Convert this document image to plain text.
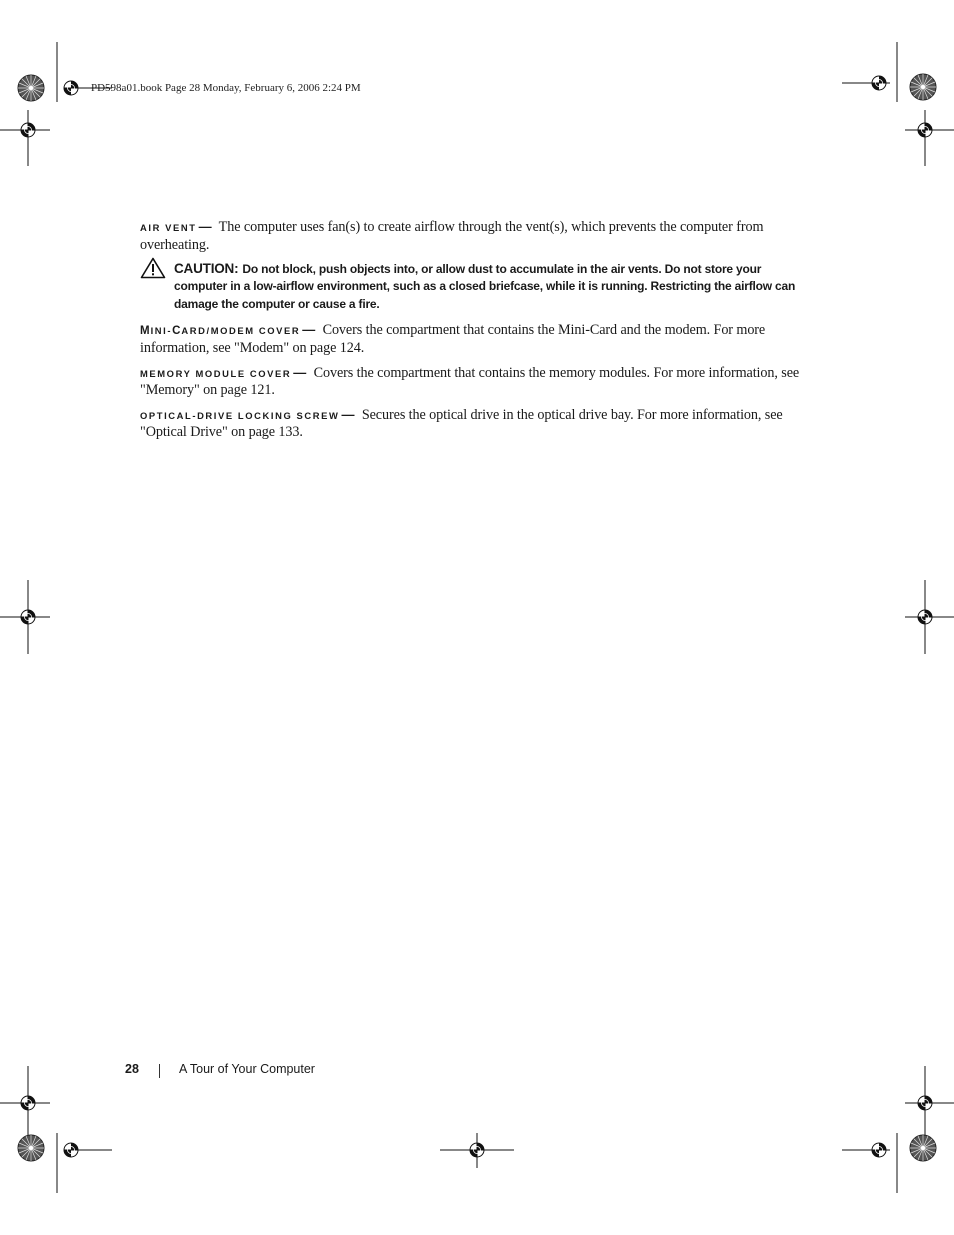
PD598a01.book Page 28 Monday, February 6, 2006 2:24 PM

AIR VENT — The computer uses fan(s) to create airflow through the vent(s), which prevents the computer from overheating.

CAUTION: Do not block, push objects into, or allow dust to accumulate in the air vents. Do not store your computer in a low-airflow environment, such as a closed briefcase, while it is running. Restricting the airflow can damage the computer or cause a fire.

MINI-CARD/MODEM COVER — Covers the compartment that contains the Mini-Card and the modem. For more information, see "Modem" on page 124.

MEMORY MODULE COVER — Covers the compartment that contains the memory modules. For more information, see "Memory" on page 121.

OPTICAL-DRIVE LOCKING SCREW — Secures the optical drive in the optical drive bay. For more information, see "Optical Drive" on page 133.

28	A Tour of Your Computer
